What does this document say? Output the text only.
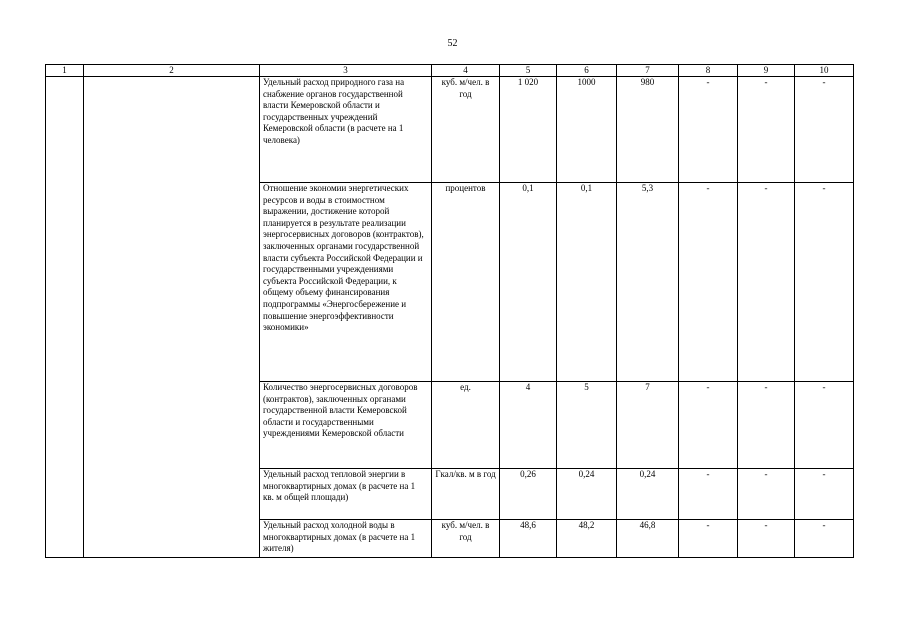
52
1	2	3	4	5	6	7	8	9	10
		Удельный расход природного газа на снабжение органов государственной власти Кемеровской области и государственных учреждений Кемеровской области (в расчете на 1 человека)	куб. м/чел. в год	1 020	1000	980	-	-	-
		Отношение экономии энергетических ресурсов и воды в стоимостном выражении, достижение которой планируется в результате реализации энергосервисных договоров (контрактов), заключенных органами государственной власти субъекта Российской Федерации и государственными учреждениями субъекта Российской Федерации, к общему объему финансирования подпрограммы «Энергосбережение и повышение энергоэффективности экономики»	процентов	0,1	0,1	5,3	-	-	-
		Количество энергосервисных договоров (контрактов), заключенных органами государственной власти Кемеровской области и государственными учреждениями Кемеровской области	ед.	4	5	7	-	-	-
		Удельный расход тепловой энергии в многоквартирных домах (в расчете на 1 кв. м общей площади)	Гкал/кв. м в год	0,26	0,24	0,24	-	-	-
		Удельный расход холодной воды в многоквартирных домах (в расчете на 1 жителя)	куб. м/чел. в год	48,6	48,2	46,8	-	-	-
